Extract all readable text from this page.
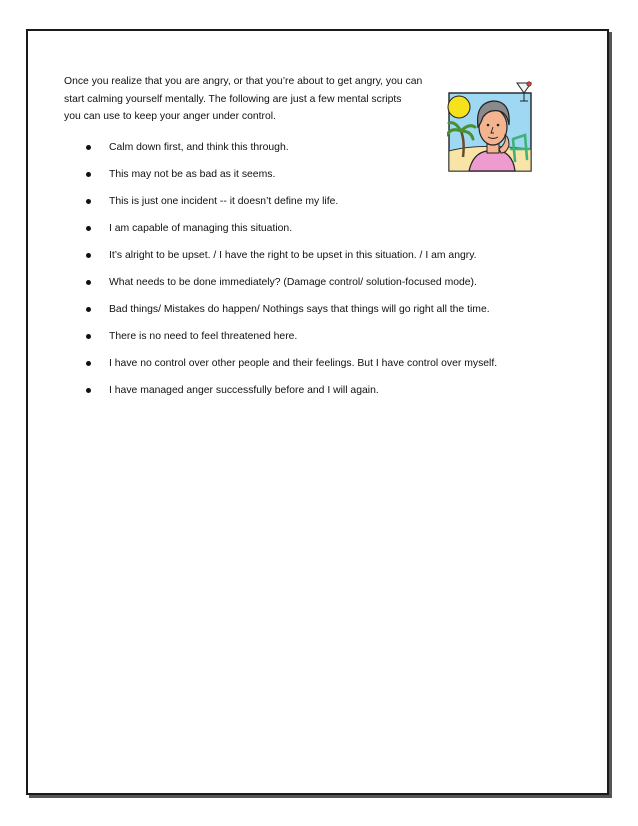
Once you realize that you are angry, or that you’re about to get angry, you can
start calming yourself mentally. The following are just a few mental scripts
you can use to keep your anger under control.

Calm down first, and think this through.
This may not be as bad as it seems.
This is just one incident -- it doesn’t define my life.
I am capable of managing this situation.
It’s alright to be upset. / I have the right to be upset in this situation. / I am angry.
What needs to be done immediately? (Damage control/ solution-focused mode).
Bad things/ Mistakes do happen/ Nothings says that things will go right all the time.
There is no need to feel threatened here.
I have no control over other people and their feelings. But I have control over myself.
I have managed anger successfully before and I will again.
